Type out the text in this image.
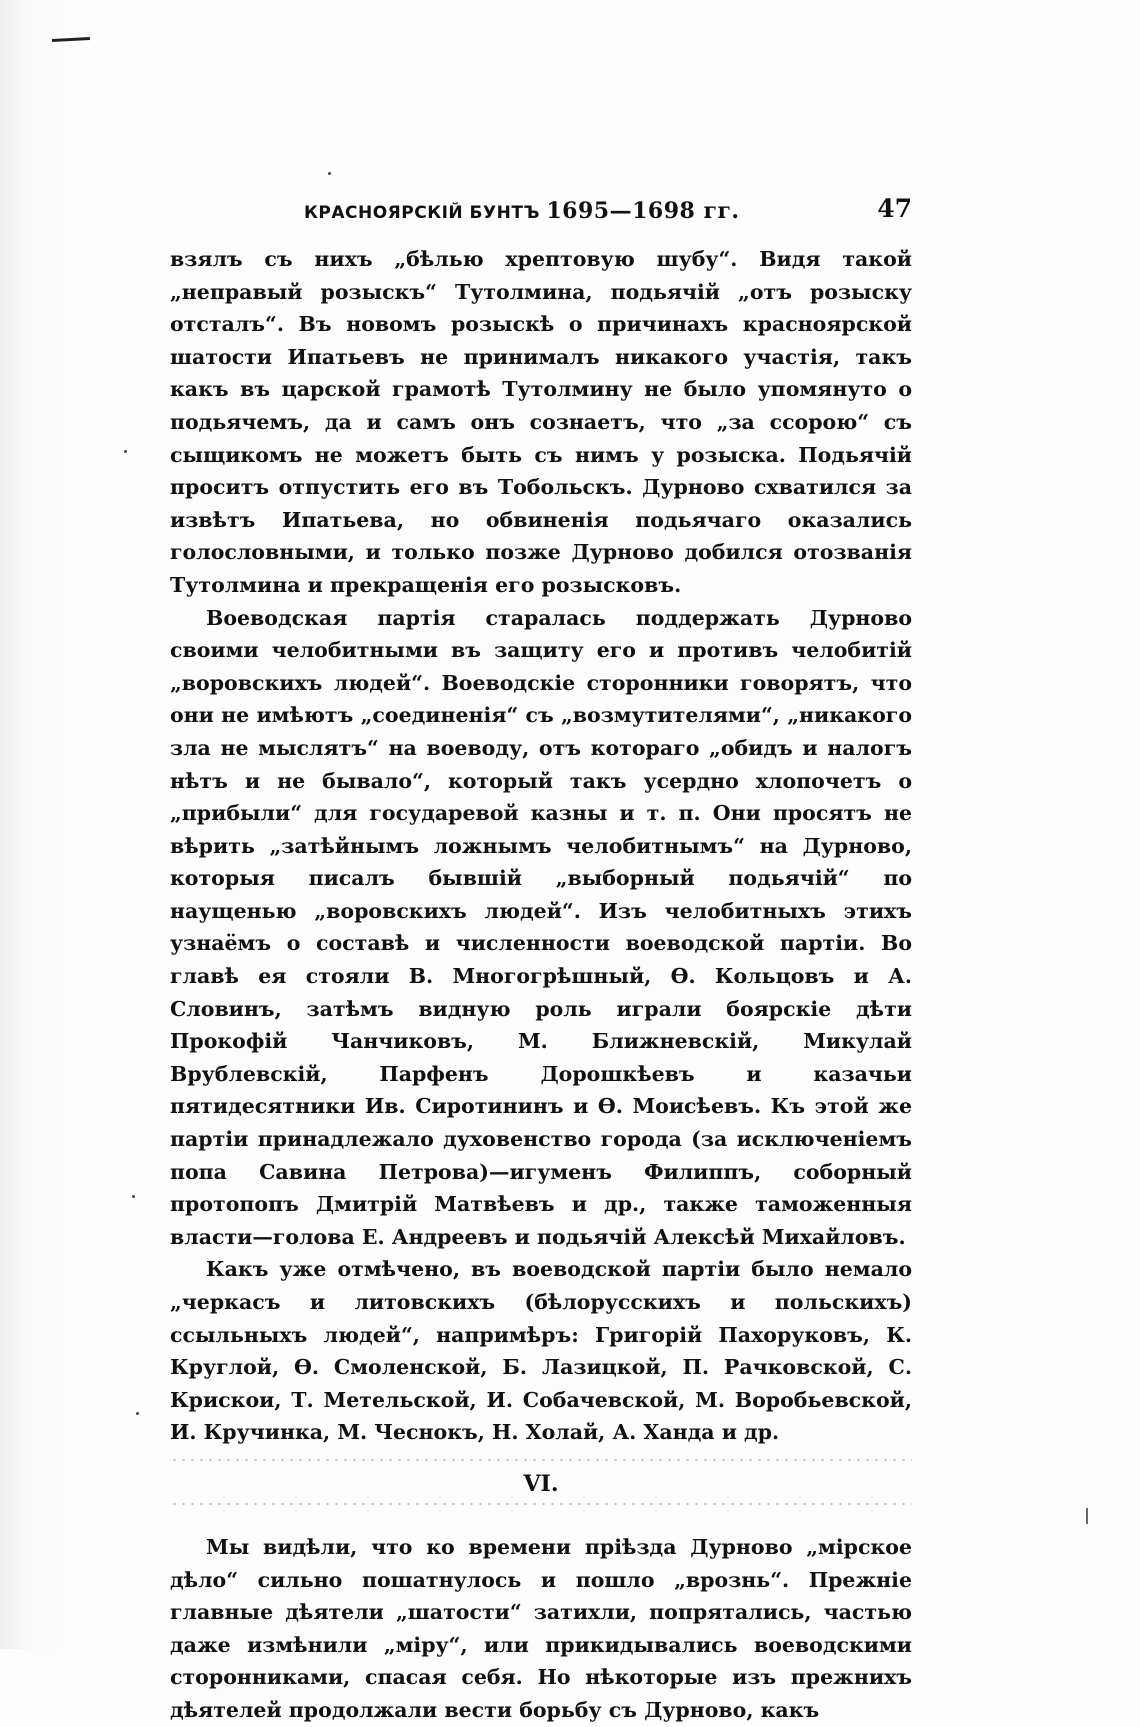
КРАСНОЯРСКІЙ БУНТЪ 1695—1698 гг.	47

взялъ съ нихъ „бѣлью хрептовую шубу“. Видя такой „неправый розыскъ“ Тутолмина, подьячій „отъ розыску отсталъ“. Въ новомъ розыскѣ о причинахъ красноярской шатости Ипатьевъ не принималъ никакого участія, такъ какъ въ царской грамотѣ Тутолмину не было упомянуто о подьячемъ, да и самъ онъ сознаетъ, что „за ссорою“ съ сыщикомъ не можетъ быть съ нимъ у розыска. Подьячій проситъ отпустить его въ Тобольскъ. Дурново схватился за извѣтъ Ипатьева, но обвиненія подьячаго оказались голословными, и только позже Дурново добился отозванія Тутолмина и прекращенія его розысковъ.

Воеводская партія старалась поддержать Дурново своими челобитными въ защиту его и противъ челобитій „воровскихъ людей“. Воеводскіе сторонники говорятъ, что они не имѣютъ „соединенія“ съ „возмутителями“, „никакого зла не мыслятъ“ на воеводу, отъ котораго „обидъ и налогъ нѣтъ и не бывало“, который такъ усердно хлопочетъ о „прибыли“ для государевой казны и т. п. Они просятъ не вѣрить „затѣйнымъ ложнымъ челобитнымъ“ на Дурново, которыя писалъ бывшій „выборный подьячій“ по наущенью „воровскихъ людей“. Изъ челобитныхъ этихъ узнаёмъ о составѣ и численности воеводской партіи. Во главѣ ея стояли В. Многогрѣшный, Ѳ. Кольцовъ и А. Словинъ, затѣмъ видную роль играли боярскіе дѣти Прокофій Чанчиковъ, М. Ближневскій, Микулай Врублевскій, Парфенъ Дорошкѣевъ и казачьи пятидесятники Ив. Сиротининъ и Ѳ. Моисѣевъ. Къ этой же партіи принадлежало духовенство города (за исключеніемъ попа Савина Петрова)—игуменъ Филиппъ, соборный протопопъ Дмитрій Матвѣевъ и др., также таможенныя власти—голова Е. Андреевъ и подьячій Алексѣй Михайловъ.

Какъ уже отмѣчено, въ воеводской партіи было немало „черкасъ и литовскихъ (бѣлорусскихъ и польскихъ) ссыльныхъ людей“, напримѣръ: Григорій Пахоруковъ, К. Круглой, Ѳ. Смоленской, Б. Лазицкой, П. Рачковской, С. Крискои, Т. Метельской, И. Собачевской, М. Воробьевской, И. Кручинка, М. Чеснокъ, Н. Холай, А. Ханда и др.

VI.

Мы видѣли, что ко времени пріѣзда Дурново „мірское дѣло“ сильно пошатнулось и пошло „врознь“. Прежніе главные дѣятели „шатости“ затихли, попрятались, частью даже измѣнили „міру“, или прикидывались воеводскими сторонниками, спасая себя. Но нѣкоторые изъ прежнихъ дѣятелей продолжали вести борьбу съ Дурново, какъ
